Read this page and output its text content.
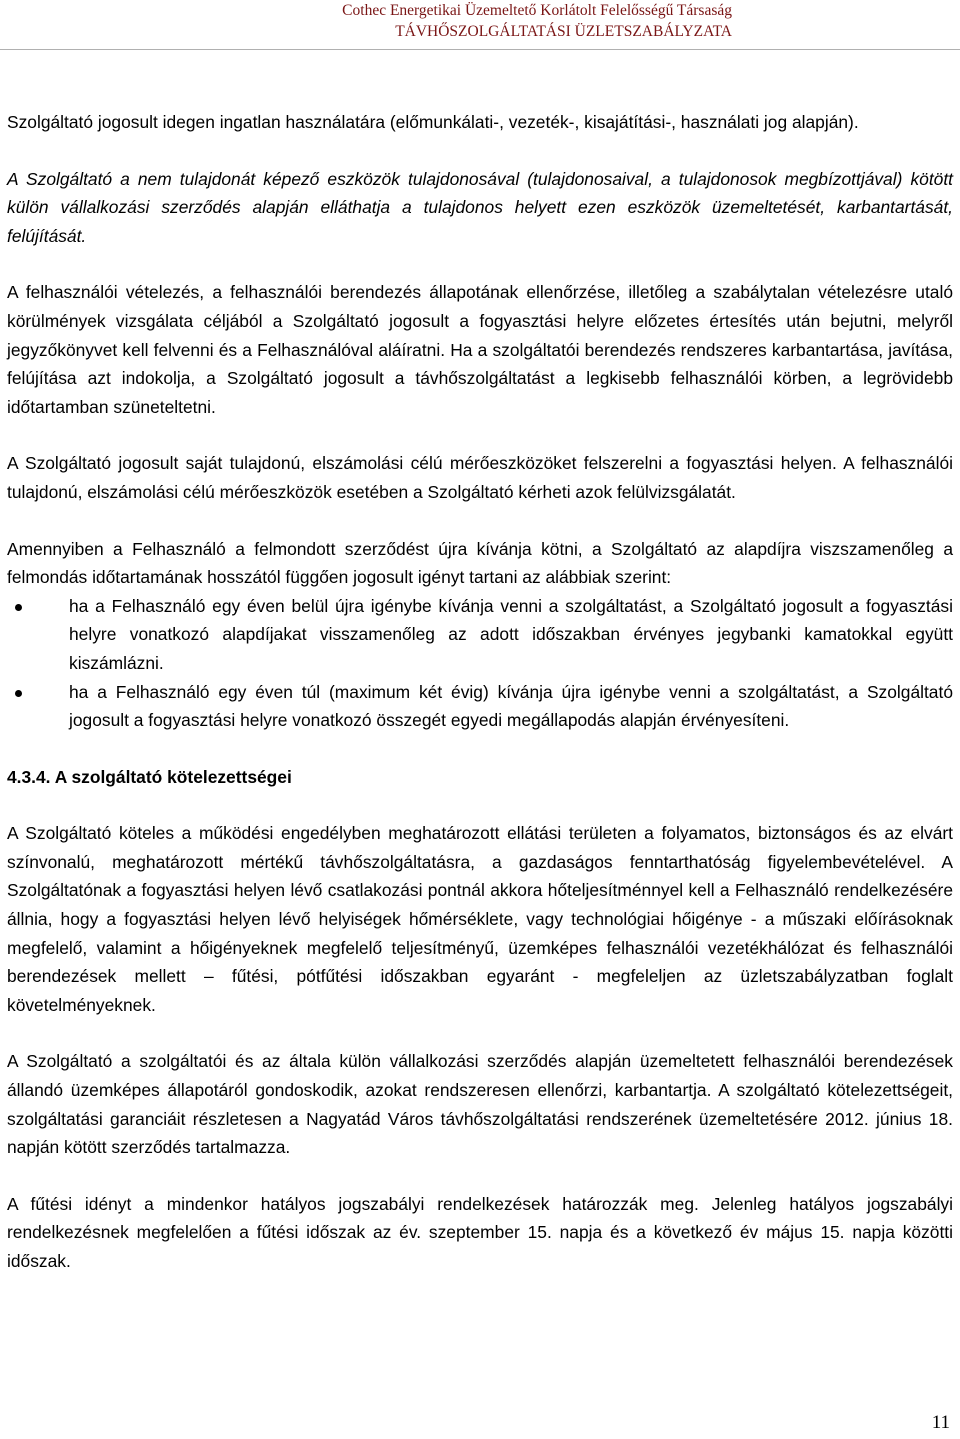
Cothec Energetikai Üzemeltető Korlátolt Felelősségű Társaság
TÁVHŐSZOLGÁLTATÁSI ÜZLETSZABÁLYZATA

Szolgáltató jogosult idegen ingatlan használatára (előmunkálati-, vezeték-, kisajátítási-, használati jog alapján).

A Szolgáltató a nem tulajdonát képező eszközök tulajdonosával (tulajdonosaival, a tulajdonosok megbízottjával) kötött külön vállalkozási szerződés alapján elláthatja a tulajdonos helyett ezen eszközök üzemeltetését, karbantartását, felújítását.

A felhasználói vételezés, a felhasználói berendezés állapotának ellenőrzése, illetőleg a szabálytalan vételezésre utaló körülmények vizsgálata céljából a Szolgáltató jogosult a fogyasztási helyre előzetes értesítés után bejutni, melyről jegyzőkönyvet kell felvenni és a Felhasználóval aláíratni. Ha a szolgáltatói berendezés rendszeres karbantartása, javítása, felújítása azt indokolja, a Szolgáltató jogosult a távhőszolgáltatást a legkisebb felhasználói körben, a legrövidebb időtartamban szüneteltetni.

A Szolgáltató jogosult saját tulajdonú, elszámolási célú mérőeszközöket felszerelni a fogyasztási helyen. A felhasználói tulajdonú, elszámolási célú mérőeszközök esetében a Szolgáltató kérheti azok felülvizsgálatát.

Amennyiben a Felhasználó a felmondott szerződést újra kívánja kötni, a Szolgáltató az alapdíjra viszszamenőleg a felmondás időtartamának hosszától függően jogosult igényt tartani az alábbiak szerint:

ha a Felhasználó egy éven belül újra igénybe kívánja venni a szolgáltatást, a Szolgáltató jogosult a fogyasztási helyre vonatkozó alapdíjakat visszamenőleg az adott időszakban érvényes jegybanki kamatokkal együtt kiszámlázni.
ha a Felhasználó egy éven túl (maximum két évig) kívánja újra igénybe venni a szolgáltatást, a Szolgáltató jogosult a fogyasztási helyre vonatkozó összegét egyedi megállapodás alapján érvényesíteni.
4.3.4. A szolgáltató kötelezettségei

A Szolgáltató köteles a működési engedélyben meghatározott ellátási területen a folyamatos, biztonságos és az elvárt színvonalú, meghatározott mértékű távhőszolgáltatásra, a gazdaságos fenntarthatóság figyelembevételével. A Szolgáltatónak a fogyasztási helyen lévő csatlakozási pontnál akkora hőteljesítménnyel kell a Felhasználó rendelkezésére állnia, hogy a fogyasztási helyen lévő helyiségek hőmérséklete, vagy technológiai hőigénye - a műszaki előírásoknak megfelelő, valamint a hőigényeknek megfelelő teljesítményű, üzemképes felhasználói vezetékhálózat és felhasználói berendezések mellett – fűtési, pótfűtési időszakban egyaránt - megfeleljen az üzletszabályzatban foglalt követelményeknek.

A Szolgáltató a szolgáltatói és az általa külön vállalkozási szerződés alapján üzemeltetett felhasználói berendezések állandó üzemképes állapotáról gondoskodik, azokat rendszeresen ellenőrzi, karbantartja. A szolgáltató kötelezettségeit, szolgáltatási garanciáit részletesen a Nagyatád Város távhőszolgáltatási rendszerének üzemeltetésére 2012. június 18. napján kötött szerződés tartalmazza.

A fűtési idényt a mindenkor hatályos jogszabályi rendelkezések határozzák meg. Jelenleg hatályos jogszabályi rendelkezésnek megfelelően a fűtési időszak az év. szeptember 15. napja és a következő év május 15. napja közötti időszak.

11
